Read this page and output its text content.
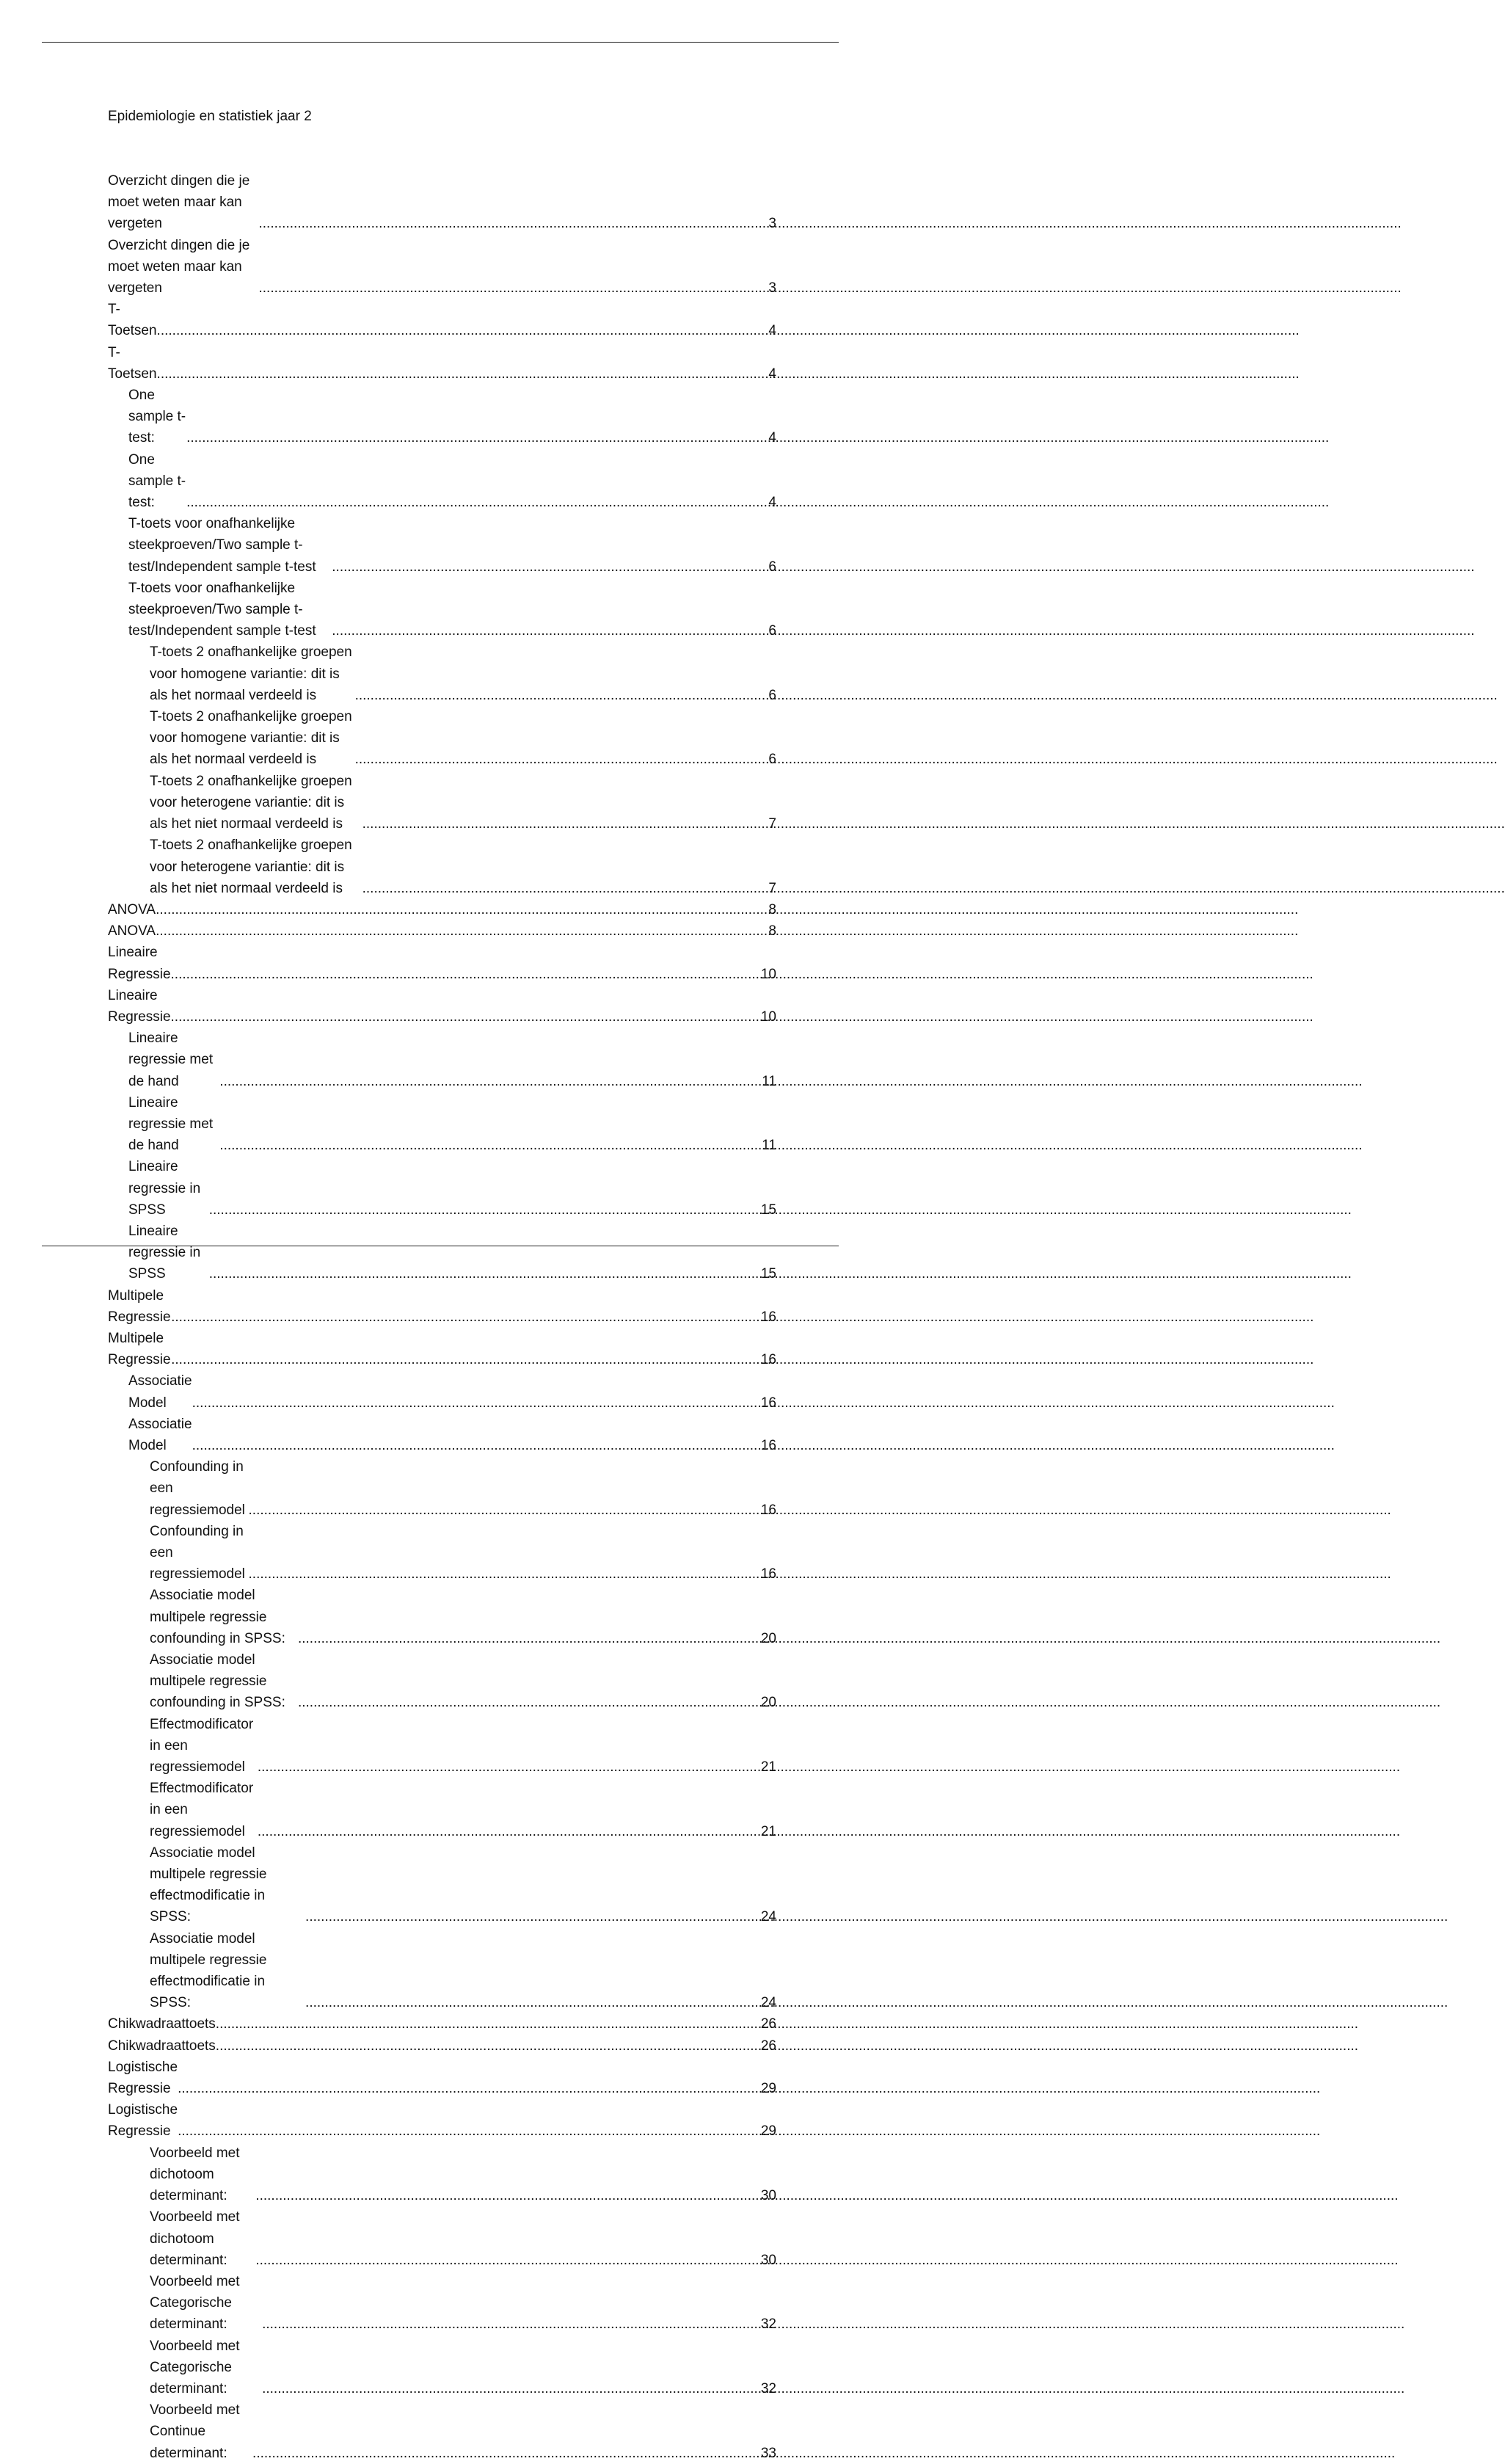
Epidemiologie en statistiek jaar 2
Overzicht dingen die je moet weten maar kan vergeten .....	3
Overzicht dingen die je moet weten maar kan vergeten .....	3
T-Toetsen .....	4
T-Toetsen .....	4
One sample t-test: .....	4
One sample t-test: .....	4
T-toets voor onafhankelijke steekproeven/Two sample t-test/Independent sample t-test .....	6
T-toets voor onafhankelijke steekproeven/Two sample t-test/Independent sample t-test .....	6
T-toets 2 onafhankelijke groepen voor homogene variantie: dit is als het normaal verdeeld is .....	6
T-toets 2 onafhankelijke groepen voor homogene variantie: dit is als het normaal verdeeld is .....	6
T-toets 2 onafhankelijke groepen voor heterogene variantie: dit is als het niet normaal verdeeld is .....	7
T-toets 2 onafhankelijke groepen voor heterogene variantie: dit is als het niet normaal verdeeld is .....	7
ANOVA .....	8
ANOVA .....	8
Lineaire Regressie .....	10
Lineaire Regressie .....	10
Lineaire regressie met de hand .....	11
Lineaire regressie met de hand .....	11
Lineaire regressie in SPSS .....	15
Lineaire regressie in SPSS .....	15
Multipele Regressie .....	16
Multipele Regressie .....	16
Associatie Model .....	16
Associatie Model .....	16
Confounding in een regressiemodel .....	16
Confounding in een regressiemodel .....	16
Associatie model multipele regressie confounding in SPSS: .....	20
Associatie model multipele regressie confounding in SPSS: .....	20
Effectmodificator in een regressiemodel .....	21
Effectmodificator in een regressiemodel .....	21
Associatie model multipele regressie effectmodificatie in SPSS: .....	24
Associatie model multipele regressie effectmodificatie in SPSS: .....	24
Chikwadraattoets .....	26
Chikwadraattoets .....	26
Logistische Regressie .....	29
Logistische Regressie .....	29
Voorbeeld met dichotoom determinant: .....	30
Voorbeeld met dichotoom determinant: .....	30
Voorbeeld met Categorische determinant: .....	32
Voorbeeld met Categorische determinant: .....	32
Voorbeeld met Continue determinant: .....	33
